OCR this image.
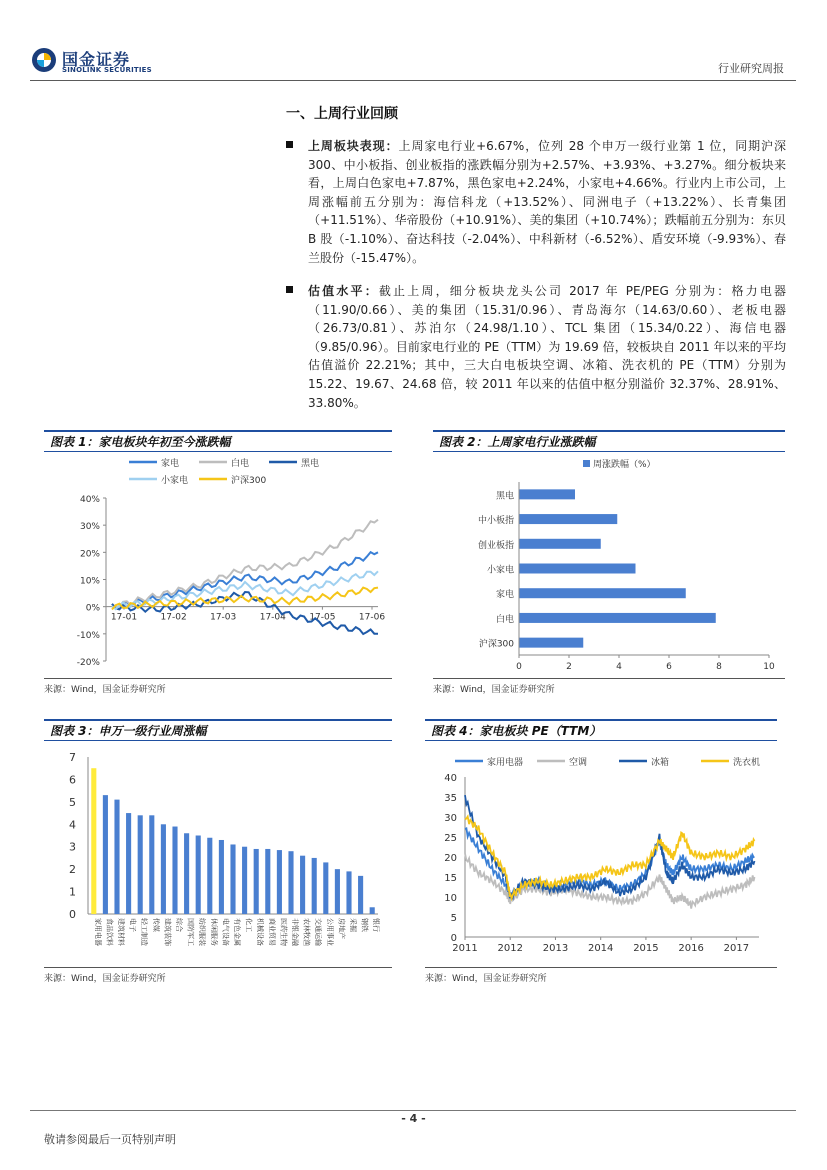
国金证券
SINOLINK SECURITIES	行业研究周报
一、上周行业回顾
上周板块表现：上周家电行业+6.67%，位列 28 个申万一级行业第 1 位，同期沪深 300、中小板指、创业板指的涨跌幅分别为+2.57%、+3.93%、+3.27%。细分板块来看，上周白色家电+7.87%，黑色家电+2.24%，小家电+4.66%。行业内上市公司，上周涨幅前五分别为：海信科龙（+13.52%）、同洲电子（+13.22%）、长青集团（+11.51%）、华帝股份（+10.91%）、美的集团（+10.74%）；跌幅前五分别为：东贝 B 股（-1.10%）、奋达科技（-2.04%）、中科新材（-6.52%）、盾安环境（-9.93%）、春兰股份（-15.47%）。
估值水平：截止上周，细分板块龙头公司 2017 年 PE/PEG 分别为：格力电器（11.90/0.66）、美的集团（15.31/0.96）、青岛海尔（14.63/0.60）、老板电器（26.73/0.81）、苏泊尔（24.98/1.10）、TCL 集团（15.34/0.22）、海信电器（9.85/0.96）。目前家电行业的 PE（TTM）为 19.69 倍，较板块自 2011 年以来的平均估值溢价 22.21%；其中，三大白电板块空调、冰箱、洗衣机的 PE（TTM）分别为 15.22、19.67、24.68 倍，较 2011 年以来的估值中枢分别溢价 32.37%、28.91%、33.80%。
图表 1：家电板块年初至今涨跌幅
家电	白电	黑电
小家电	沪深300
40%
30%
20%
10%
0%
-10%
-20%
17-01	17-02	17-03	17-04	17-05	17-06
来源：Wind，国金证券研究所
图表 2：上周家电行业涨跌幅
周涨跌幅（%）
黑电
中小板指
创业板指
小家电
家电
白电
沪深300
0	2	4	6	8	10
来源：Wind，国金证券研究所
图表 3：申万一级行业周涨幅
7
6
5
4
3
2
1
0
家用电器 食品饮料 建筑材料 电子 轻工制造 传媒 建筑装饰 综合 国防军工 纺织服装 休闲服务 电气设备 有色金属 化工 机械设备 商业贸易 医药生物 非银金融 农林牧渔 交通运输 公用事业 房地产 采掘 钢铁 银行
来源：Wind，国金证券研究所
图表 4：家电板块 PE（TTM）
家用电器	空调	冰箱	洗衣机
40
35
30
25
20
15
10
5
0
2011 2012 2013 2014 2015 2016 2017
来源：Wind，国金证券研究所
- 4 -
敬请参阅最后一页特别声明
